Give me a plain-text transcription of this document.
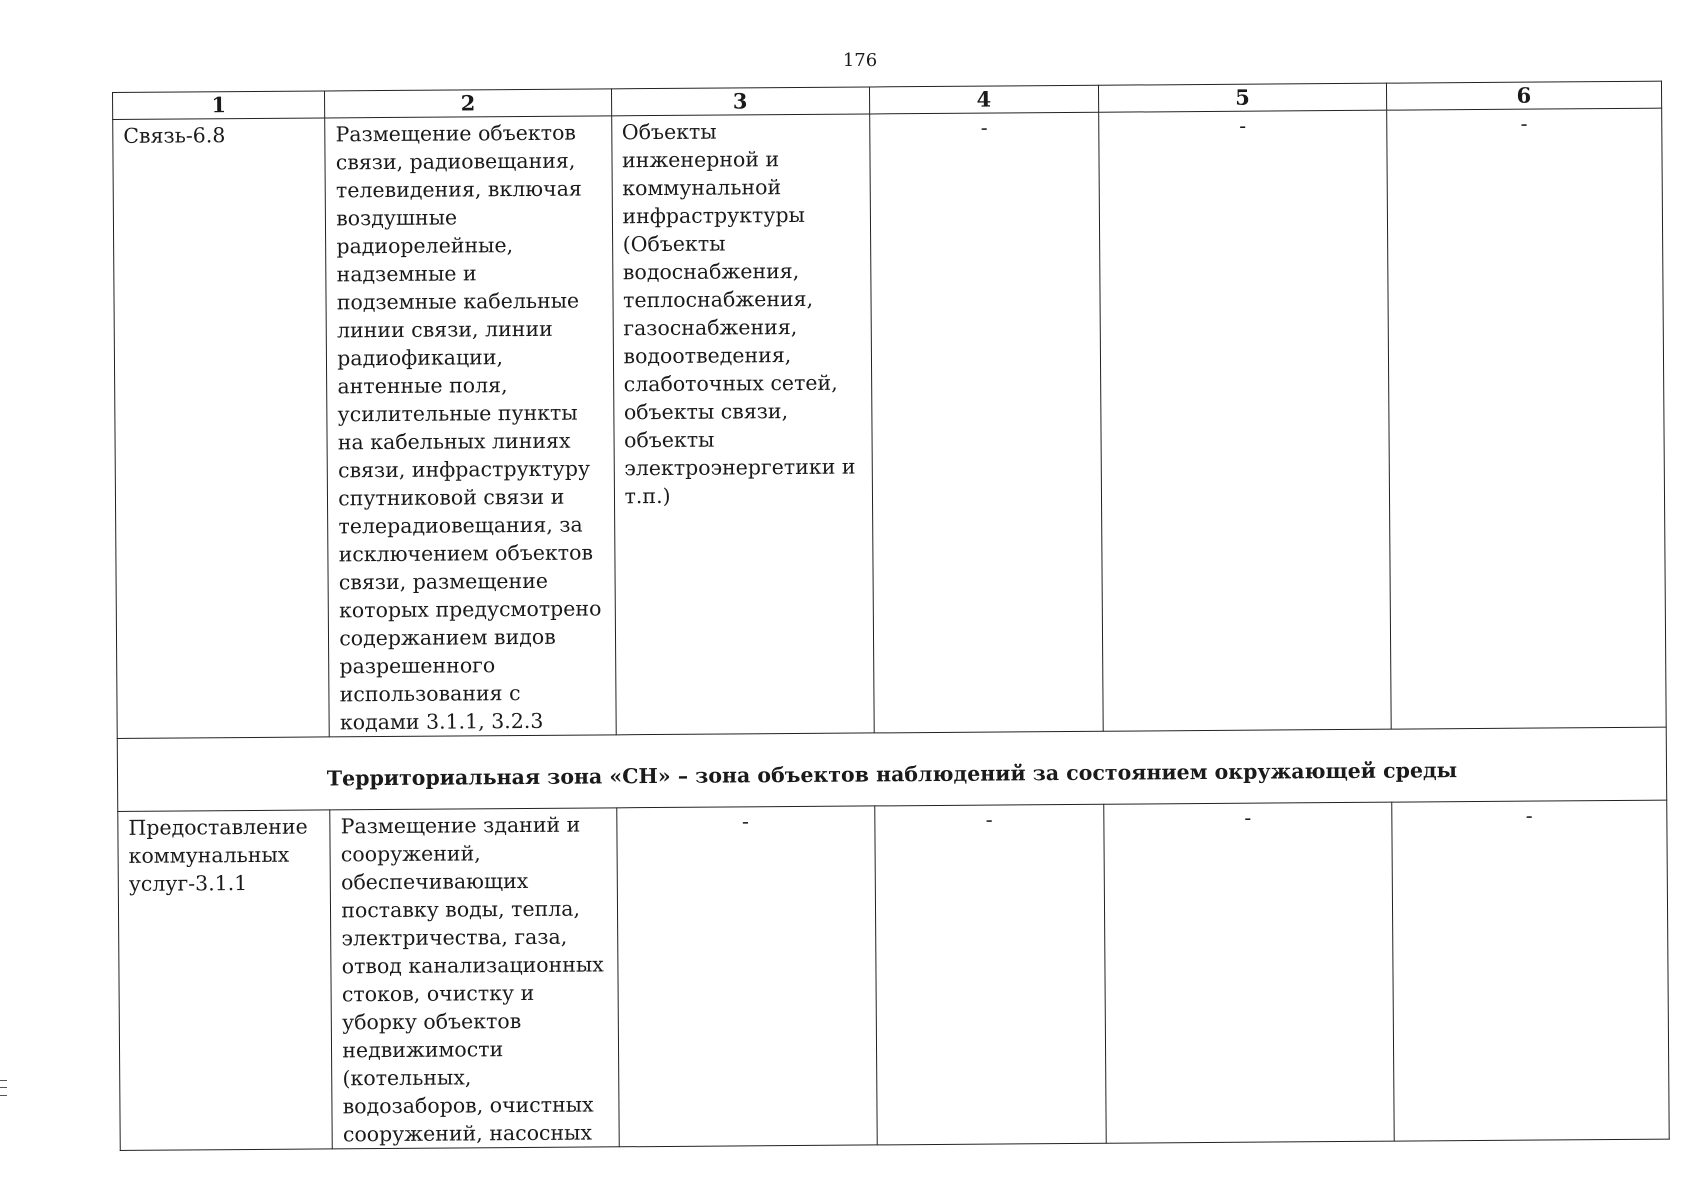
176
1	2	3	4	5	6
Связь-6.8	Размещение объектов связи, радиовещания, телевидения, включая воздушные радиорелейные, надземные и подземные кабельные линии связи, линии радиофикации, антенные поля, усилительные пункты на кабельных линиях связи, инфраструктуру спутниковой связи и телерадиовещания, за исключением объектов связи, размещение которых предусмотрено содержанием видов разрешенного использования с кодами 3.1.1, 3.2.3	Объекты инженерной и коммунальной инфраструктуры (Объекты водоснабжения, теплоснабжения, газоснабжения, водоотведения, слаботочных сетей, объекты связи, объекты электроэнергетики и т.п.)	-	-	-
Территориальная зона «СН» – зона объектов наблюдений за состоянием окружающей среды					
Предоставление коммунальных услуг-3.1.1	Размещение зданий и сооружений, обеспечивающих поставку воды, тепла, электричества, газа, отвод канализационных стоков, очистку и уборку объектов недвижимости (котельных, водозаборов, очистных сооружений, насосных	-	-	-	-
